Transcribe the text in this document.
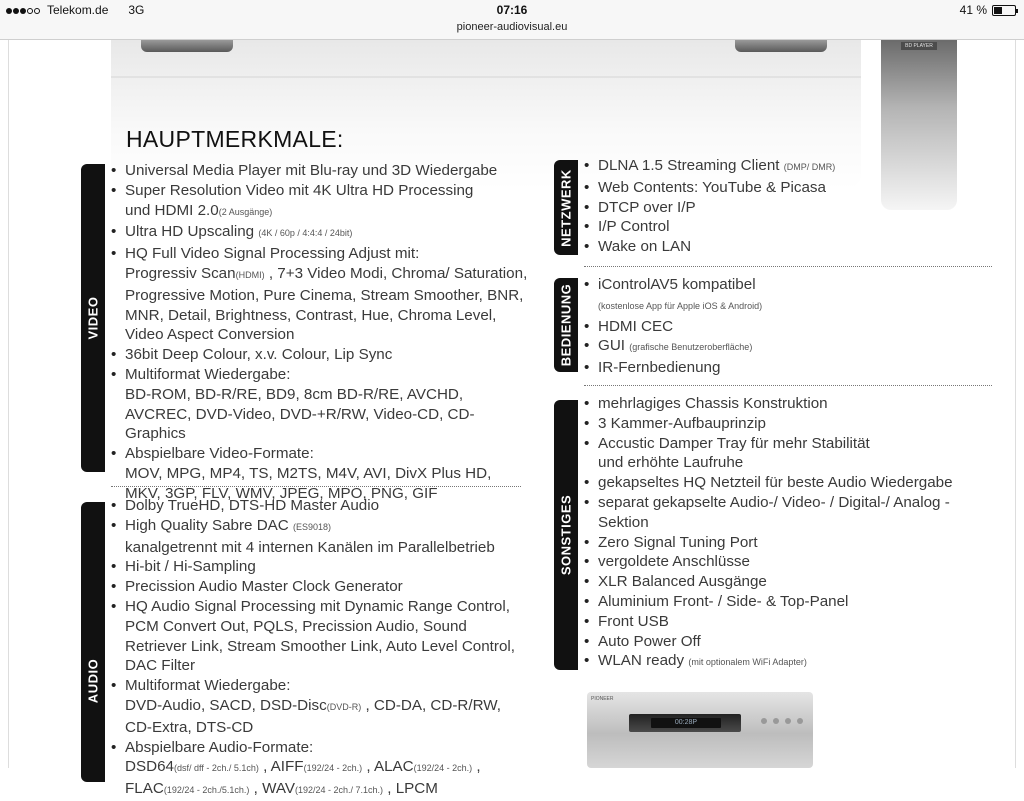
Telekom.de 3G	07:16	41 %
pioneer-audiovisual.eu
BD PLAYER
HAUPTMERKMALE:
VIDEO
• Universal Media Player mit Blu-ray und 3D Wiedergabe
• Super Resolution Video mit 4K Ultra HD Processing
und HDMI 2.0(2 Ausgänge)
• Ultra HD Upscaling (4K / 60p / 4:4:4 / 24bit)
• HQ Full Video Signal Processing Adjust mit:
Progressiv Scan(HDMI) , 7+3 Video Modi, Chroma/ Saturation, Progressive Motion, Pure Cinema, Stream Smoother, BNR, MNR, Detail, Brightness, Contrast, Hue, Chroma Level, Video Aspect Conversion
• 36bit Deep Colour, x.v. Colour, Lip Sync
• Multiformat Wiedergabe:
BD-ROM, BD-R/RE, BD9, 8cm BD-R/RE, AVCHD, AVCREC, DVD-Video, DVD-+R/RW, Video-CD, CD-Graphics
• Abspielbare Video-Formate:
MOV, MPG, MP4, TS, M2TS, M4V, AVI, DivX Plus HD, MKV, 3GP, FLV, WMV, JPEG, MPO, PNG, GIF
AUDIO
• Dolby TrueHD, DTS-HD Master Audio
• High Quality Sabre DAC (ES9018)
kanalgetrennt mit 4 internen Kanälen im Parallelbetrieb
• Hi-bit / Hi-Sampling
• Precission Audio Master Clock Generator
• HQ Audio Signal Processing mit Dynamic Range Control, PCM Convert Out, PQLS, Precission Audio, Sound Retriever Link, Stream Smoother Link, Auto Level Control, DAC Filter
• Multiformat Wiedergabe:
DVD-Audio, SACD, DSD-Disc(DVD-R) , CD-DA, CD-R/RW, CD-Extra, DTS-CD
• Abspielbare Audio-Formate:
DSD64(dsf/ dff - 2ch./ 5.1ch) , AIFF(192/24 - 2ch.) , ALAC(192/24 - 2ch.) , FLAC(192/24 - 2ch./5.1ch.) , WAV(192/24 - 2ch./ 7.1ch.) , LPCM
NETZWERK
• DLNA 1.5 Streaming Client (DMP/ DMR)
• Web Contents: YouTube & Picasa
• DTCP over I/P
• I/P Control
• Wake on LAN
BEDIENUNG
•	iControlAV5 kompatibel
(kostenlose App für Apple iOS & Android)
• HDMI CEC
• GUI (grafische Benutzeroberfläche)
• IR-Fernbedienung
SONSTIGES
• mehrlagiges Chassis Konstruktion
• 3 Kammer-Aufbauprinzip
• Accustic Damper Tray für mehr Stabilität
und erhöhte Laufruhe
• gekapseltes HQ Netzteil für beste Audio Wiedergabe
• separat gekapselte Audio-/ Video- / Digital-/ Analog - Sektion
• Zero Signal Tuning Port
• vergoldete Anschlüsse
• XLR Balanced Ausgänge
• Aluminium Front- / Side- & Top-Panel
• Front USB
• Auto Power Off
• WLAN ready (mit optionalem WiFi Adapter)
PIONEER
00:28P
